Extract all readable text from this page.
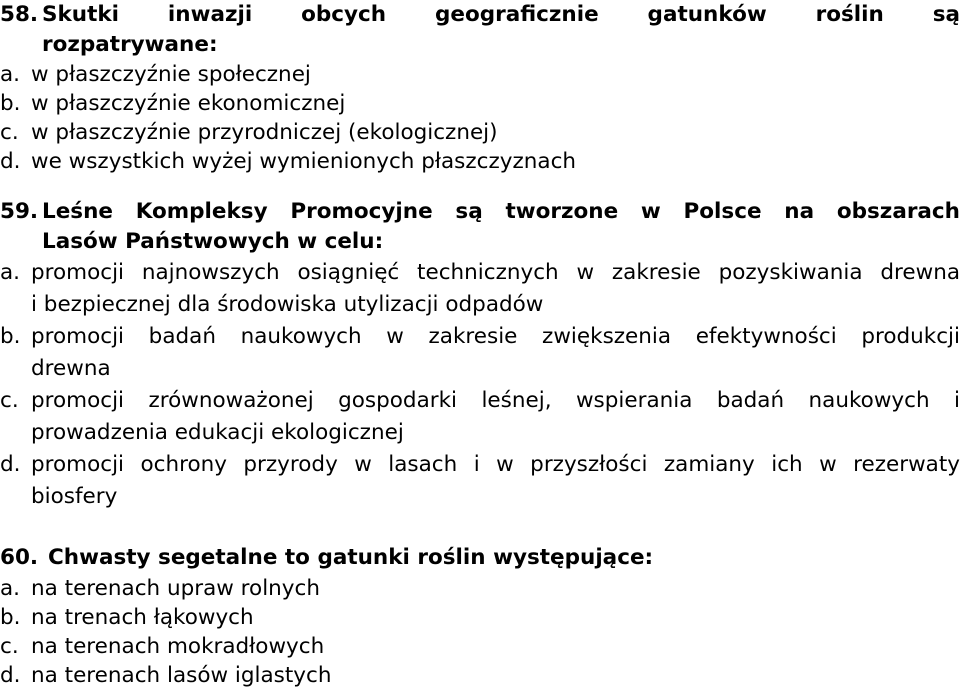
58. Skutki inwazji obcych geograficznie gatunków roślin są
rozpatrywane:
a. w płaszczyźnie społecznej
b. w płaszczyźnie ekonomicznej
c. w płaszczyźnie przyrodniczej (ekologicznej)
d. we wszystkich wyżej wymienionych płaszczyznach
59. Leśne Kompleksy Promocyjne są tworzone w Polsce na obszarach
Lasów Państwowych w celu:
a. promocji najnowszych osiągnięć technicznych w zakresie pozyskiwania drewna
i bezpiecznej dla środowiska utylizacji odpadów
b. promocji badań naukowych w zakresie zwiększenia efektywności produkcji
drewna
c. promocji zrównoważonej gospodarki leśnej, wspierania badań naukowych i
prowadzenia edukacji ekologicznej
d. promocji ochrony przyrody w lasach i w przyszłości zamiany ich w rezerwaty
biosfery
60. Chwasty segetalne to gatunki roślin występujące:
a. na terenach upraw rolnych
b. na trenach łąkowych
c. na terenach mokradłowych
d. na terenach lasów iglastych
